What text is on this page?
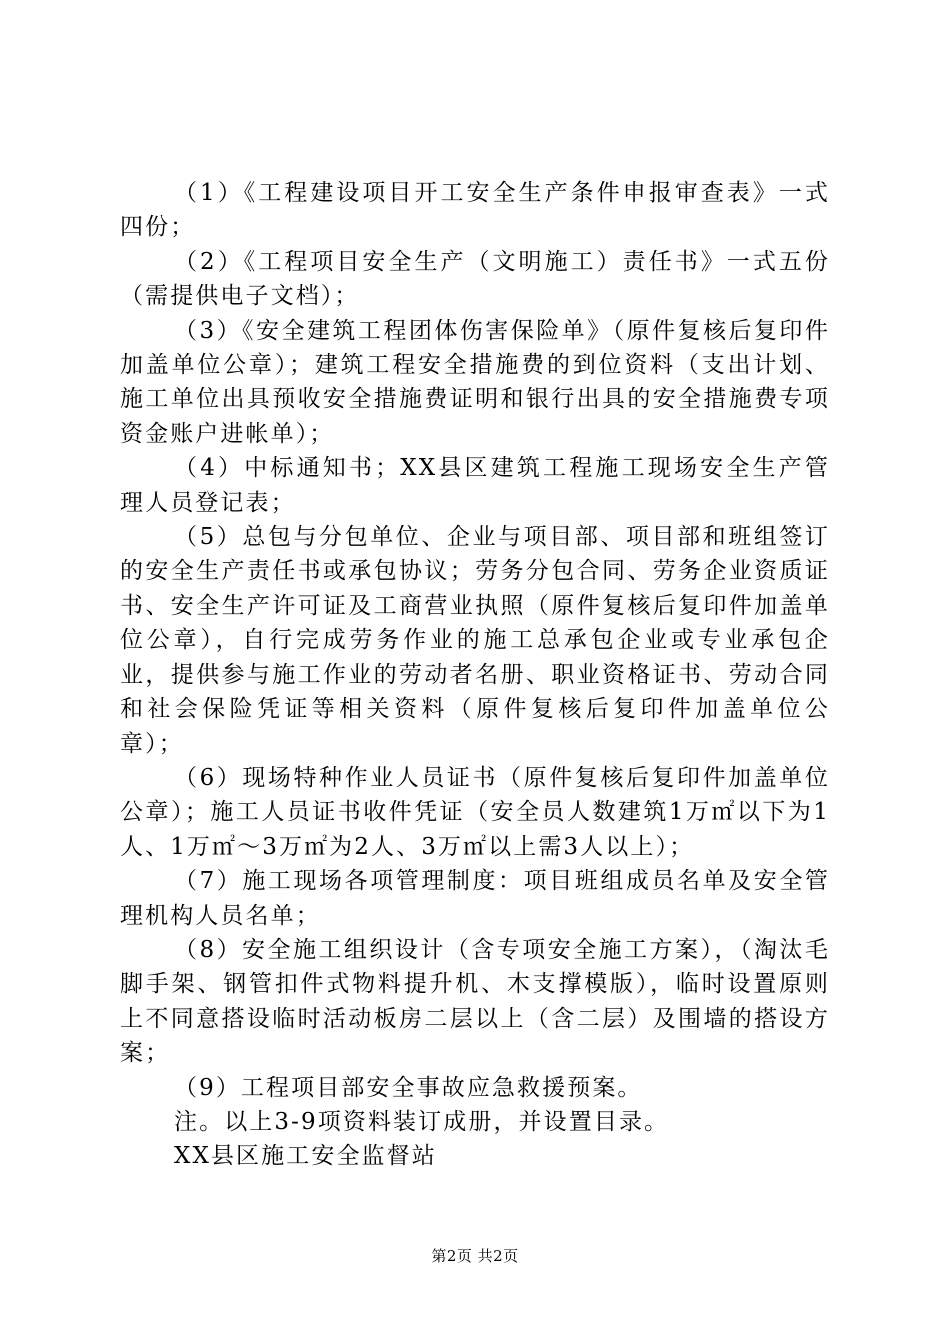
（1）《工程建设项目开工安全生产条件申报审查表》一式四份；

（2）《工程项目安全生产（文明施工）责任书》一式五份（需提供电子文档）；

（3）《安全建筑工程团体伤害保险单》（原件复核后复印件加盖单位公章）；建筑工程安全措施费的到位资料（支出计划、施工单位出具预收安全措施费证明和银行出具的安全措施费专项资金账户进帐单）；

（4）中标通知书；XX县区建筑工程施工现场安全生产管理人员登记表；

（5）总包与分包单位、企业与项目部、项目部和班组签订的安全生产责任书或承包协议；劳务分包合同、劳务企业资质证书、安全生产许可证及工商营业执照（原件复核后复印件加盖单位公章），自行完成劳务作业的施工总承包企业或专业承包企业，提供参与施工作业的劳动者名册、职业资格证书、劳动合同和社会保险凭证等相关资料（原件复核后复印件加盖单位公章）；

（6）现场特种作业人员证书（原件复核后复印件加盖单位公章）；施工人员证书收件凭证（安全员人数建筑1万㎡以下为1人、1万㎡～3万㎡为2人、3万㎡以上需3人以上）；

（7）施工现场各项管理制度：项目班组成员名单及安全管理机构人员名单；

（8）安全施工组织设计（含专项安全施工方案），（淘汰毛脚手架、钢管扣件式物料提升机、木支撑模版），临时设置原则上不同意搭设临时活动板房二层以上（含二层）及围墙的搭设方案；

（9）工程项目部安全事故应急救援预案。

注。以上3-9项资料装订成册，并设置目录。

XX县区施工安全监督站

第2页 共2页
